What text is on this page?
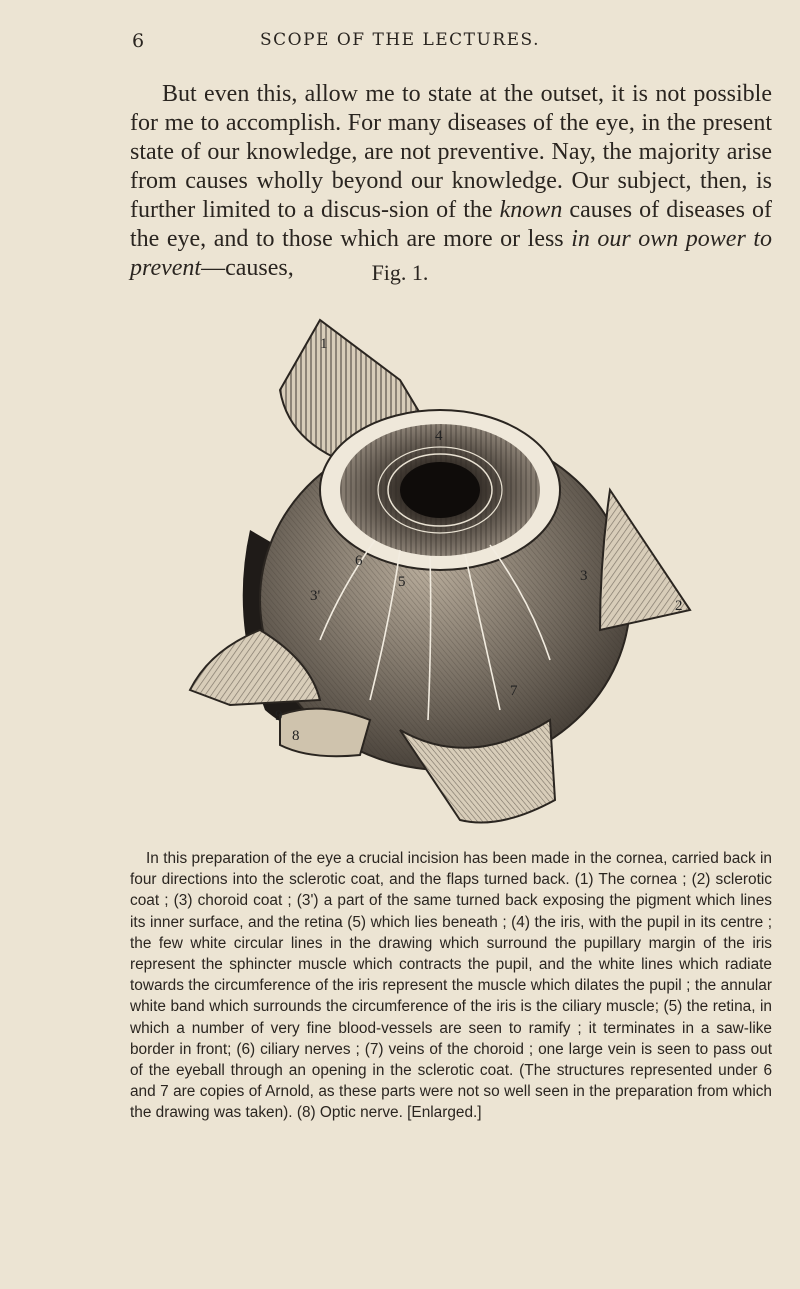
6	SCOPE OF THE LECTURES.
But even this, allow me to state at the outset, it is not possible for me to accomplish. For many diseases of the eye, in the present state of our knowledge, are not preventive. Nay, the majority arise from causes wholly beyond our knowledge. Our subject, then, is further limited to a discus-sion of the known causes of diseases of the eye, and to those which are more or less in our own power to prevent—causes,	Fig. 1.
1
2
3'
3
4
5
6
7
8
9
In this preparation of the eye a crucial incision has been made in the cornea, carried back in four directions into the sclerotic coat, and the flaps turned back. (1) The cornea ; (2) sclerotic coat ; (3) choroid coat ; (3') a part of the same turned back exposing the pigment which lines its inner surface, and the retina (5) which lies beneath ; (4) the iris, with the pupil in its centre ; the few white circular lines in the drawing which surround the pupillary margin of the iris represent the sphincter muscle which contracts the pupil, and the white lines which radiate towards the circumference of the iris represent the muscle which dilates the pupil ; the annular white band which surrounds the circumference of the iris is the ciliary muscle; (5) the retina, in which a number of very fine blood-vessels are seen to ramify ; it terminates in a saw-like border in front; (6) ciliary nerves ; (7) veins of the choroid ; one large vein is seen to pass out of the eyeball through an opening in the sclerotic coat. (The structures represented under 6 and 7 are copies of Arnold, as these parts were not so well seen in the preparation from which the drawing was taken). (8) Optic nerve. [Enlarged.]
